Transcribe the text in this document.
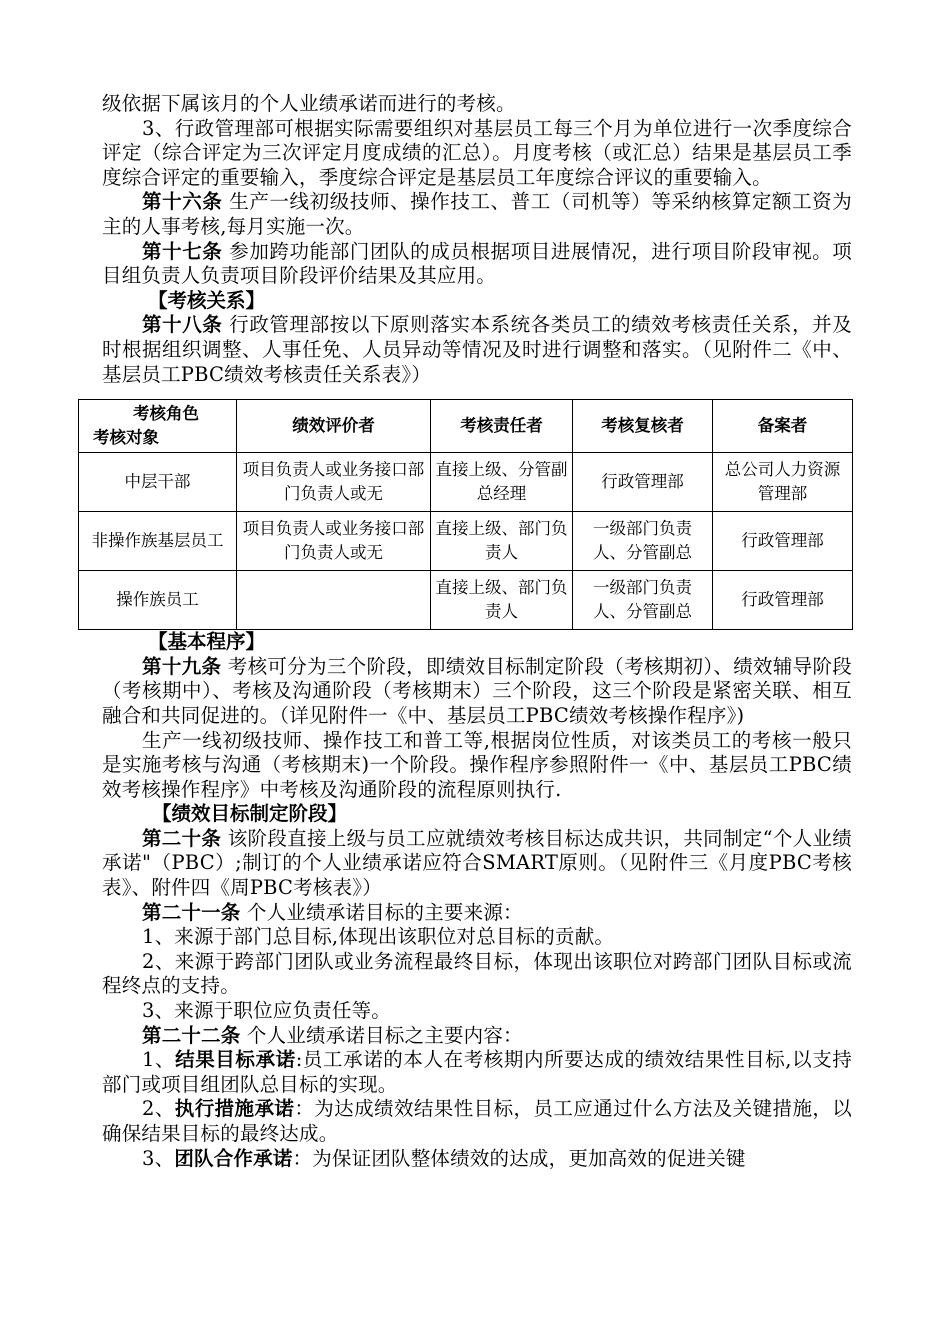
级依据下属该月的个人业绩承诺而进行的考核。

3、行政管理部可根据实际需要组织对基层员工每三个月为单位进行一次季度综合评定（综合评定为三次评定月度成绩的汇总）。月度考核（或汇总）结果是基层员工季度综合评定的重要输入，季度综合评定是基层员工年度综合评议的重要输入。

第十六条 生产一线初级技师、操作技工、普工（司机等）等采纳核算定额工资为主的人事考核,每月实施一次。

第十七条 参加跨功能部门团队的成员根据项目进展情况，进行项目阶段审视。项目组负责人负责项目阶段评价结果及其应用。

【考核关系】

第十八条 行政管理部按以下原则落实本系统各类员工的绩效考核责任关系，并及时根据组织调整、人事任免、人员异动等情况及时进行调整和落实。（见附件二《中、基层员工PBC绩效考核责任关系表》）

考核角色
考核对象	绩效评价者	考核责任者	考核复核者	备案者
中层干部	项目负责人或业务接口部门负责人或无	直接上级、分管副总经理	行政管理部	总公司人力资源管理部
非操作族基层员工	项目负责人或业务接口部门负责人或无	直接上级、部门负责人	一级部门负责人、分管副总	行政管理部
操作族员工		直接上级、部门负责人	一级部门负责人、分管副总	行政管理部

【基本程序】

第十九条 考核可分为三个阶段，即绩效目标制定阶段（考核期初）、绩效辅导阶段（考核期中）、考核及沟通阶段（考核期末）三个阶段，这三个阶段是紧密关联、相互融合和共同促进的。（详见附件一《中、基层员工PBC绩效考核操作程序》)

生产一线初级技师、操作技工和普工等,根据岗位性质，对该类员工的考核一般只是实施考核与沟通（考核期末)一个阶段。操作程序参照附件一《中、基层员工PBC绩效考核操作程序》中考核及沟通阶段的流程原则执行.

【绩效目标制定阶段】

第二十条 该阶段直接上级与员工应就绩效考核目标达成共识，共同制定“个人业绩承诺"（PBC）;制订的个人业绩承诺应符合SMART原则。（见附件三《月度PBC考核表》、附件四《周PBC考核表》）

第二十一条 个人业绩承诺目标的主要来源：

1、来源于部门总目标,体现出该职位对总目标的贡献。

2、来源于跨部门团队或业务流程最终目标，体现出该职位对跨部门团队目标或流程终点的支持。

3、来源于职位应负责任等。

第二十二条 个人业绩承诺目标之主要内容：

1、结果目标承诺:员工承诺的本人在考核期内所要达成的绩效结果性目标,以支持部门或项目组团队总目标的实现。

2、执行措施承诺：为达成绩效结果性目标，员工应通过什么方法及关键措施，以确保结果目标的最终达成。

3、团队合作承诺：为保证团队整体绩效的达成，更加高效的促进关键
